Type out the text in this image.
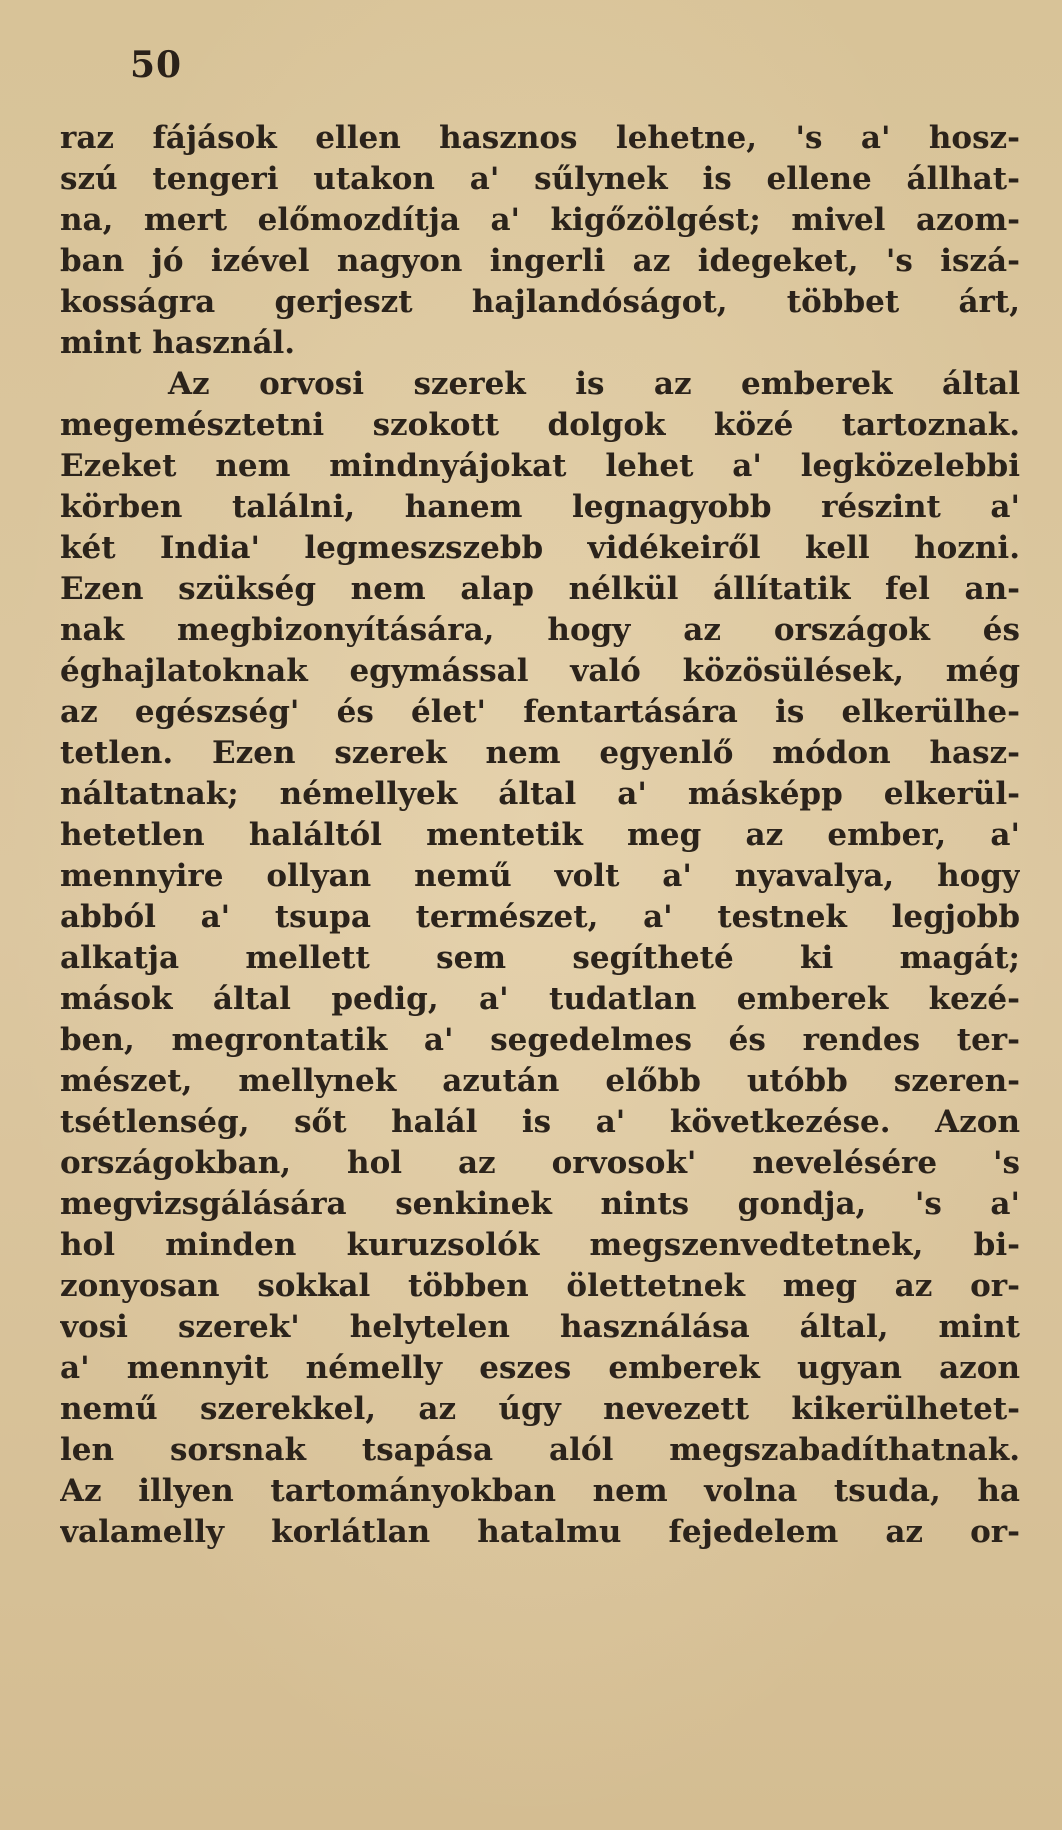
50
raz fájások ellen hasznos lehetne, 's a' hosz-
szú tengeri utakon a' sűlynek is ellene állhat-
na, mert előmozdítja a' kigőzölgést; mivel azom-
ban jó izével nagyon ingerli az idegeket, 's iszá-
kosságra gerjeszt hajlandóságot, többet árt,
mint használ.
Az orvosi szerek is az emberek által
megemésztetni szokott dolgok közé tartoznak.
Ezeket nem mindnyájokat lehet a' legközelebbi
körben találni, hanem legnagyobb részint a'
két India' legmeszszebb vidékeiről kell hozni.
Ezen szükség nem alap nélkül állítatik fel an-
nak megbizonyítására, hogy az országok és
éghajlatoknak egymással való közösülések, még
az egészség' és élet' fentartására is elkerülhe-
tetlen. Ezen szerek nem egyenlő módon hasz-
náltatnak; némellyek által a' másképp elkerül-
hetetlen haláltól mentetik meg az ember, a'
mennyire ollyan nemű volt a' nyavalya, hogy
abból a' tsupa természet, a' testnek legjobb
alkatja mellett sem segítheté ki magát;
mások által pedig, a' tudatlan emberek kezé-
ben, megrontatik a' segedelmes és rendes ter-
mészet, mellynek azután előbb utóbb szeren-
tsétlenség, sőt halál is a' következése. Azon
országokban, hol az orvosok' nevelésére 's
megvizsgálására senkinek nints gondja, 's a'
hol minden kuruzsolók megszenvedtetnek, bi-
zonyosan sokkal többen ölettetnek meg az or-
vosi szerek' helytelen használása által, mint
a' mennyit némelly eszes emberek ugyan azon
nemű szerekkel, az úgy nevezett kikerülhetet-
len sorsnak tsapása alól megszabadíthatnak.
Az illyen tartományokban nem volna tsuda, ha
valamelly korlátlan hatalmu fejedelem az or-
